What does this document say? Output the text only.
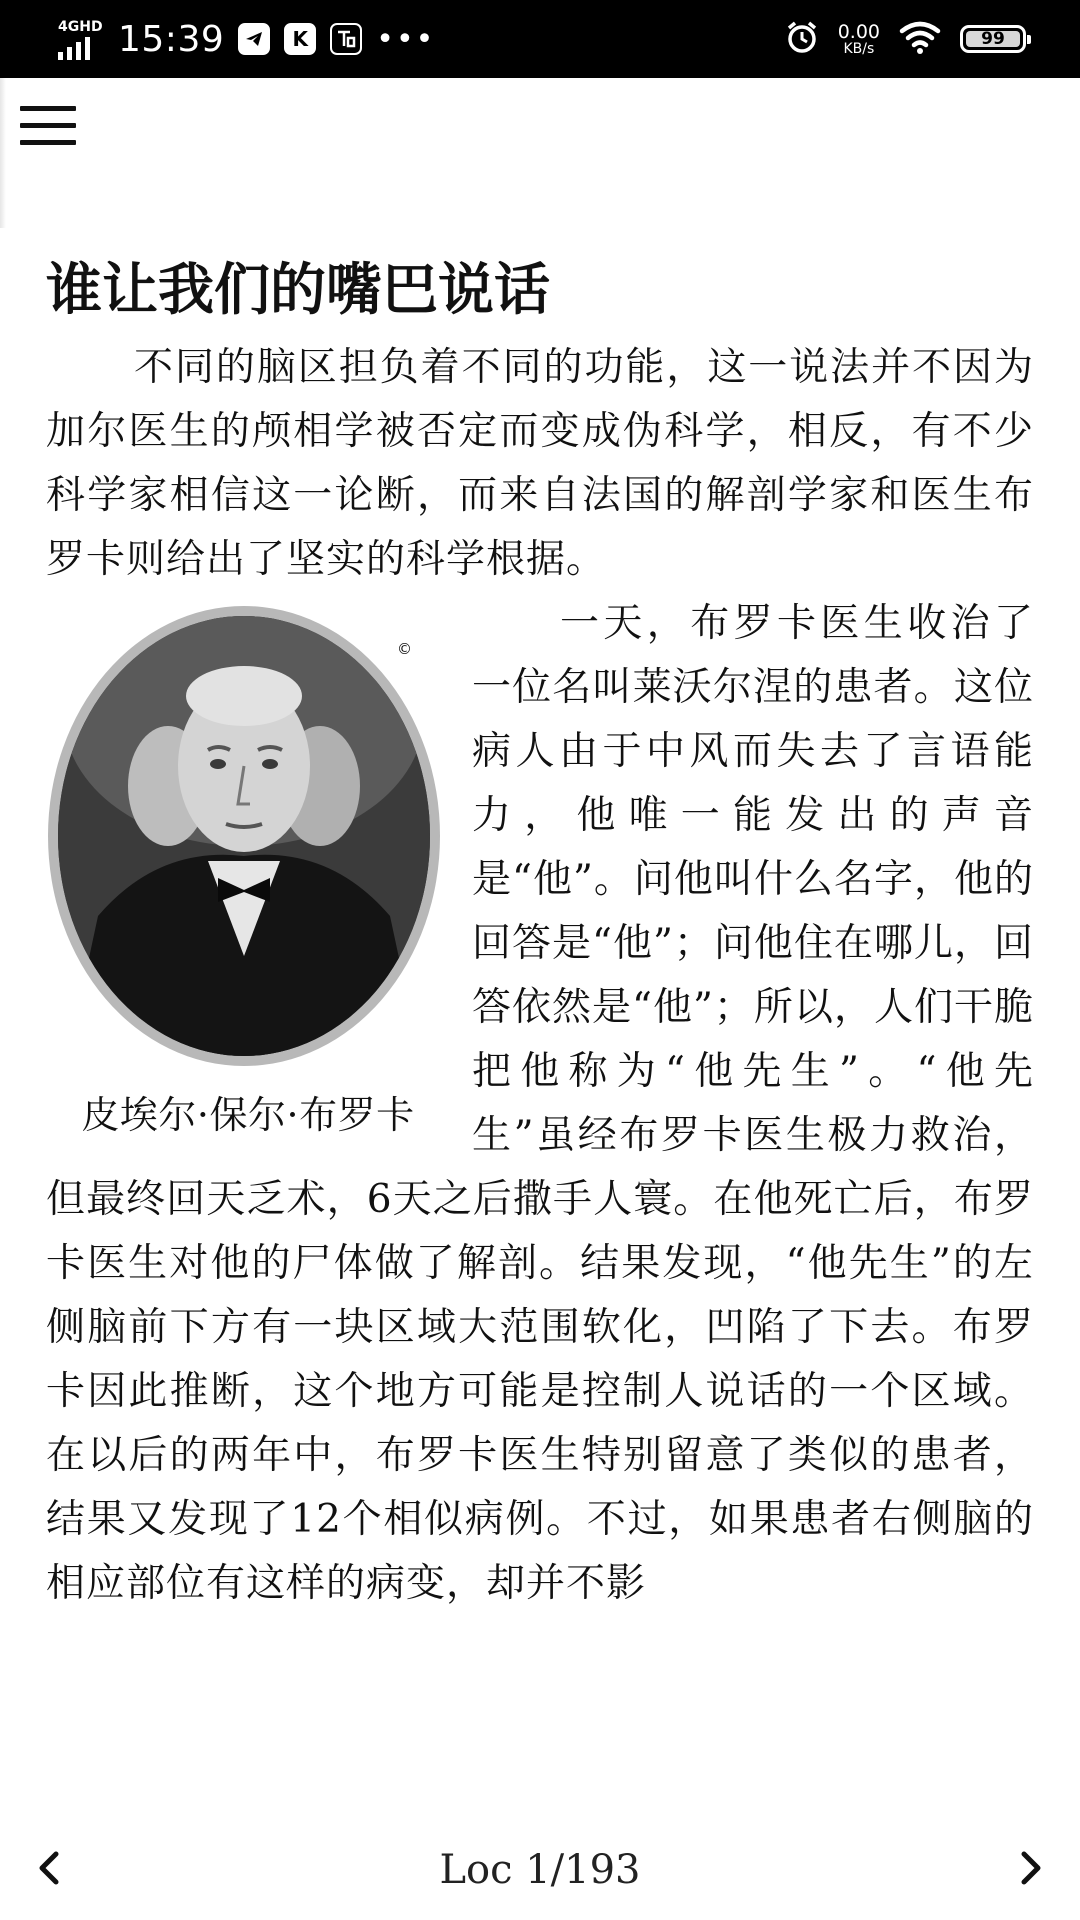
4GHD 15:39	K •••	0.00
KB/s	99
谁让我们的嘴巴说话

不同的脑区担负着不同的功能，这一说法并不因为加尔医生的颅相学被否定而变成伪科学，相反，有不少科学家相信这一论断，而来自法国的解剖学家和医生布罗卡则给出了坚实的科学根据。

©
皮埃尔·保尔·布罗卡

一天，布罗卡医生收治了一位名叫莱沃尔涅的患者。这位病人由于中风而失去了言语能力，他唯一能发出的声音是“他”。问他叫什么名字，他的回答是“他”；问他住在哪儿，回答依然是“他”；所以，人们干脆把他称为“他先生”。“他先生”虽经布罗卡医生极力救治，但最终回天乏术，6天之后撒手人寰。在他死亡后，布罗卡医生对他的尸体做了解剖。结果发现，“他先生”的左侧脑前下方有一块区域大范围软化，凹陷了下去。布罗卡因此推断，这个地方可能是控制人说话的一个区域。在以后的两年中，布罗卡医生特别留意了类似的患者，结果又发现了12个相似病例。不过，如果患者右侧脑的相应部位有这样的病变，却并不影

Loc 1/193
